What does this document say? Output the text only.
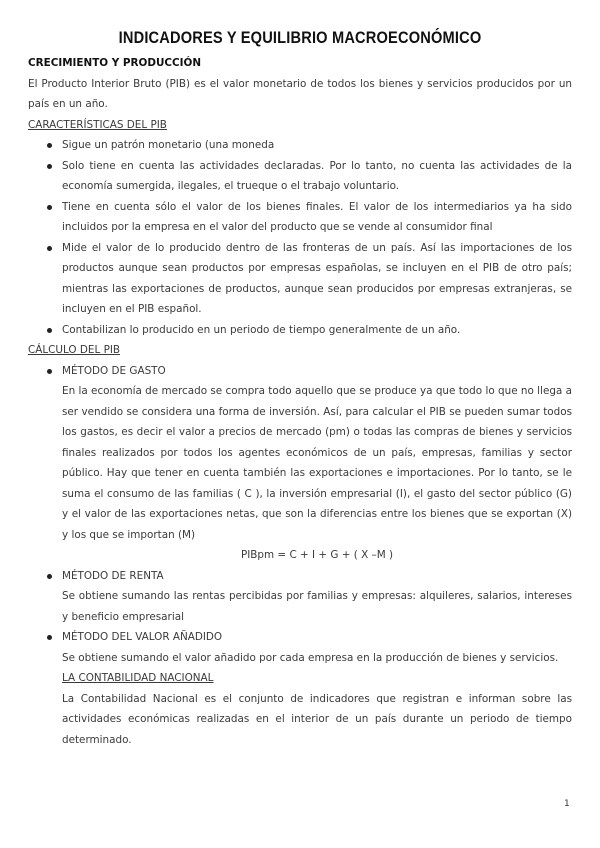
INDICADORES Y EQUILIBRIO MACROECONÓMICO

CRECIMIENTO Y PRODUCCIÓN

El Producto Interior Bruto (PIB) es el valor monetario de todos los bienes y servicios producidos por un país en un año.

CARACTERÍSTICAS DEL PIB

Sigue un patrón monetario (una moneda
Solo tiene en cuenta las actividades declaradas. Por lo tanto, no cuenta las actividades de la economía sumergida, ilegales, el trueque o el trabajo voluntario.
Tiene en cuenta sólo el valor de los bienes finales. El valor de los intermediarios ya ha sido incluidos por la empresa en el valor del producto que se vende al consumidor final
Mide el valor de lo producido dentro de las fronteras de un país. Así las importaciones de los productos aunque sean productos por empresas españolas, se incluyen en el PIB de otro país; mientras las exportaciones de productos, aunque sean producidos por empresas extranjeras, se incluyen en el PIB español.
Contabilizan lo producido en un periodo de tiempo generalmente de un año.

CÁLCULO DEL PIB

MÉTODO DE GASTO

En la economía de mercado se compra todo aquello que se produce ya que todo lo que no llega a ser vendido se considera una forma de inversión. Así, para calcular el PIB se pueden sumar todos los gastos, es decir el valor a precios de mercado (pm) o todas las compras de bienes y servicios finales realizados por todos los agentes económicos de un país, empresas, familias y sector público. Hay que tener en cuenta también las exportaciones e importaciones. Por lo tanto, se le suma el consumo de las familias ( C ), la inversión empresarial (I), el gasto del sector público (G) y el valor de las exportaciones netas, que son la diferencias entre los bienes que se exportan (X) y los que se importan (M)

PIBpm = C + I + G + ( X –M )

MÉTODO DE RENTA

Se obtiene sumando las rentas percibidas por familias y empresas: alquileres, salarios, intereses y beneficio empresarial

MÉTODO DEL VALOR AÑADIDO

Se obtiene sumando el valor añadido por cada empresa en la producción de bienes y servicios.

LA CONTABILIDAD NACIONAL

La Contabilidad Nacional es el conjunto de indicadores que registran e informan sobre las actividades económicas realizadas en el interior de un país durante un periodo de tiempo determinado.

1
